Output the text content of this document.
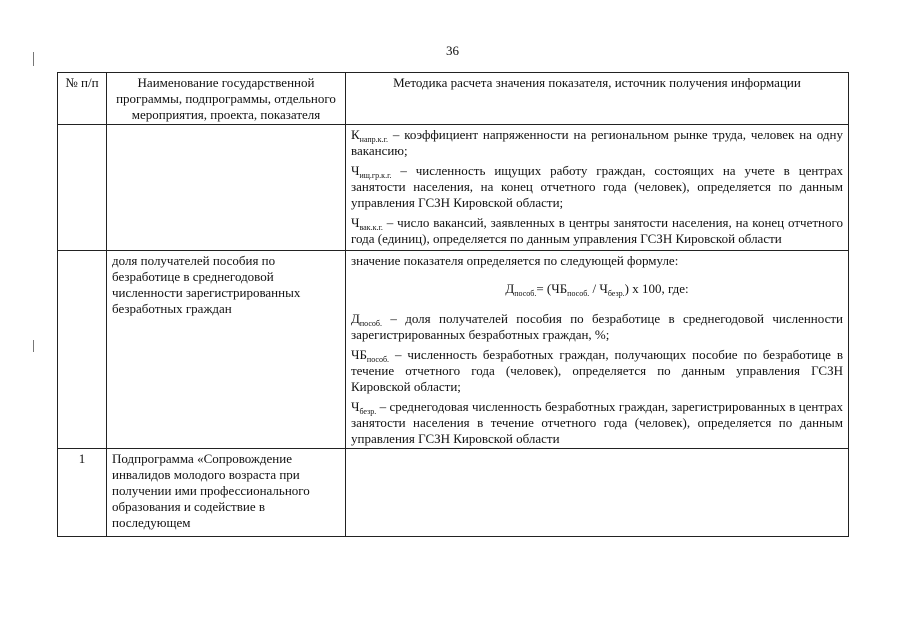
36
№ п/п	Наименование государственной программы, подпрограммы, отдельного мероприятия, проекта, показателя	Методика расчета значения показателя, источник получения информации

		$К_{напр.к.г.}$ – коэффициент напряженности на региональном рынке труда, человек на одну вакансию;

$Ч_{ищ.гр.к.г.}$ – численность ищущих работу граждан, состоящих на учете в центрах занятости населения, на конец отчетного года (человек), определяется по данным управления ГСЗН Кировской области;

$Ч_{вак.к.г.}$ – число вакансий, заявленных в центры занятости населения, на конец отчетного года (единиц), определяется по данным управления ГСЗН Кировской области

	доля получателей пособия по безработице в среднегодовой численности зарегистрированных безработных граждан	значение показателя определяется по следующей формуле:

$Д_{пособ.}= (ЧБ_{пособ.} / Ч_{безр.})$ х 100, где:

$Д_{пособ.}$ – доля получателей пособия по безработице в среднегодовой численности зарегистрированных безработных граждан, %;

$ЧБ_{пособ.}$ – численность безработных граждан, получающих пособие по безработице в течение отчетного года (человек), определяется по данным управления ГСЗН Кировской области;

$Ч_{безр.}$ – среднегодовая численность безработных граждан, зарегистрированных в центрах занятости населения в течение отчетного года (человек), определяется по данным управления ГСЗН Кировской области

1	Подпрограмма «Сопровождение инвалидов молодого возраста при получении ими профессионального образования и содействие в последующем	
